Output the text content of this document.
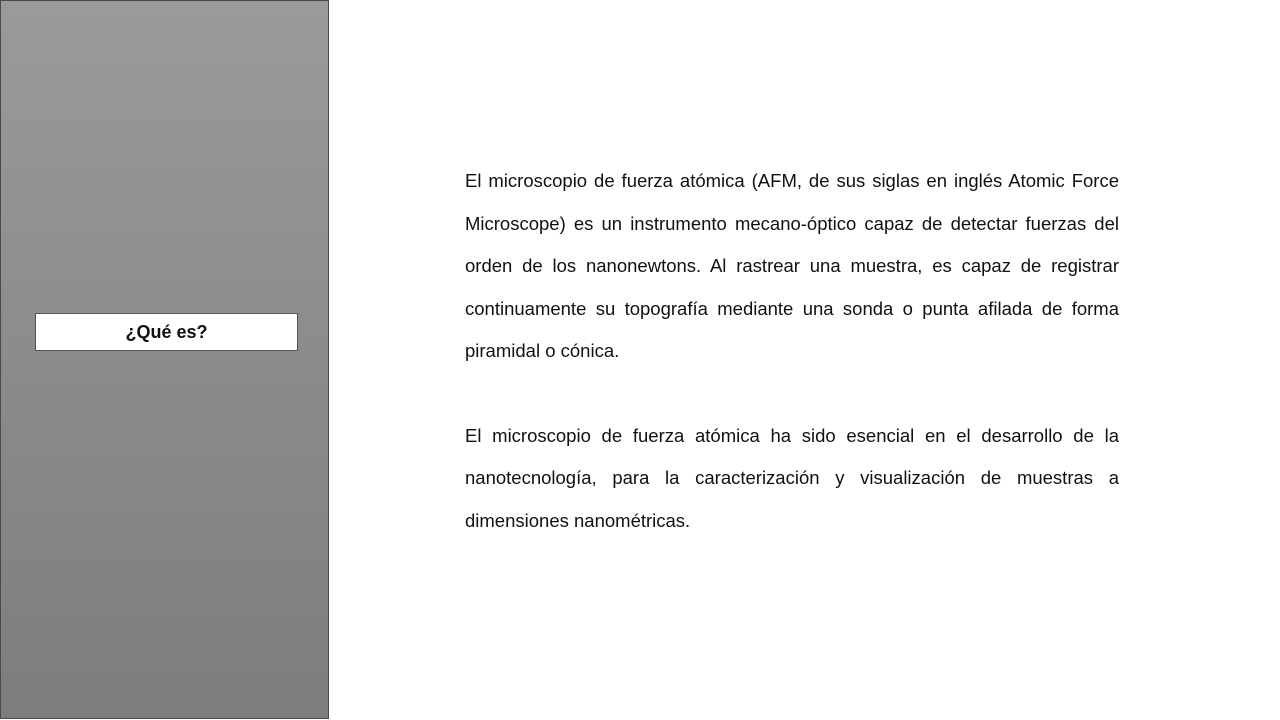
¿Qué es?

El microscopio de fuerza atómica (AFM, de sus siglas en inglés Atomic Force Microscope) es un instrumento mecano-óptico capaz de detectar fuerzas del orden de los nanonewtons. Al rastrear una muestra, es capaz de registrar continuamente su topografía mediante una sonda o punta afilada de forma piramidal o cónica.

El microscopio de fuerza atómica ha sido esencial en el desarrollo de la nanotecnología, para la caracterización y visualización de muestras a dimensiones nanométricas.
